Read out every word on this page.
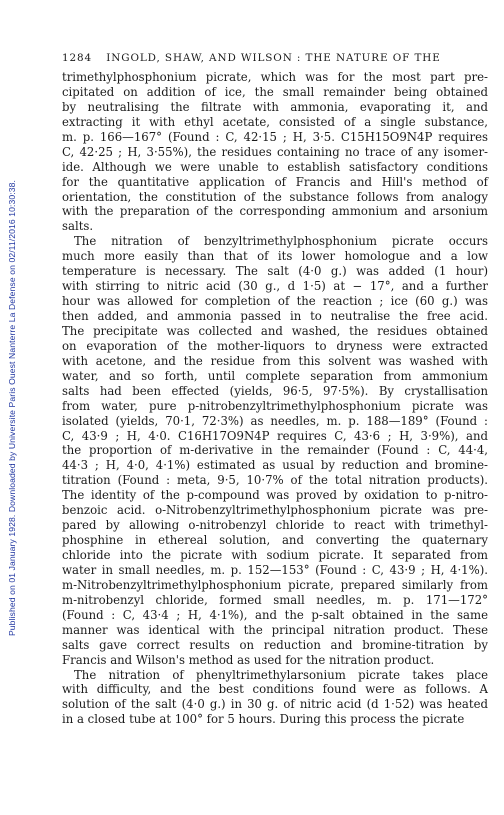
Published on 01 January 1928. Downloaded by Universite Paris Ouest Nanterre La Defense on 02/11/2016 10:30:38.
1284 INGOLD, SHAW, AND WILSON : THE NATURE OF THE
trimethylphosphonium picrate, which was for the most part pre-
cipitated on addition of ice, the small remainder being obtained
by neutralising the filtrate with ammonia, evaporating it, and
extracting it with ethyl acetate, consisted of a single substance,
m. p. 166—167° (Found : C, 42·15 ; H, 3·5. C15H15O9N4P requires
C, 42·25 ; H, 3·55%), the residues containing no trace of any isomer-
ide. Although we were unable to establish satisfactory conditions
for the quantitative application of Francis and Hill's method of
orientation, the constitution of the substance follows from analogy
with the preparation of the corresponding ammonium and arsonium
salts.
The nitration of benzyltrimethylphosphonium picrate occurs
much more easily than that of its lower homologue and a low
temperature is necessary. The salt (4·0 g.) was added (1 hour)
with stirring to nitric acid (30 g., d 1·5) at − 17°, and a further
hour was allowed for completion of the reaction ; ice (60 g.) was
then added, and ammonia passed in to neutralise the free acid.
The precipitate was collected and washed, the residues obtained
on evaporation of the mother-liquors to dryness were extracted
with acetone, and the residue from this solvent was washed with
water, and so forth, until complete separation from ammonium
salts had been effected (yields, 96·5, 97·5%). By crystallisation
from water, pure p-nitrobenzyltrimethylphosphonium picrate was
isolated (yields, 70·1, 72·3%) as needles, m. p. 188—189° (Found :
C, 43·9 ; H, 4·0. C16H17O9N4P requires C, 43·6 ; H, 3·9%), and
the proportion of m-derivative in the remainder (Found : C, 44·4,
44·3 ; H, 4·0, 4·1%) estimated as usual by reduction and bromine-
titration (Found : meta, 9·5, 10·7% of the total nitration products).
The identity of the p-compound was proved by oxidation to p-nitro-
benzoic acid. o-Nitrobenzyltrimethylphosphonium picrate was pre-
pared by allowing o-nitrobenzyl chloride to react with trimethyl-
phosphine in ethereal solution, and converting the quaternary
chloride into the picrate with sodium picrate. It separated from
water in small needles, m. p. 152—153° (Found : C, 43·9 ; H, 4·1%).
m-Nitrobenzyltrimethylphosphonium picrate, prepared similarly from
m-nitrobenzyl chloride, formed small needles, m. p. 171—172°
(Found : C, 43·4 ; H, 4·1%), and the p-salt obtained in the same
manner was identical with the principal nitration product. These
salts gave correct results on reduction and bromine-titration by
Francis and Wilson's method as used for the nitration product.
The nitration of phenyltrimethylarsonium picrate takes place
with difficulty, and the best conditions found were as follows. A
solution of the salt (4·0 g.) in 30 g. of nitric acid (d 1·52) was heated
in a closed tube at 100° for 5 hours. During this process the picrate
